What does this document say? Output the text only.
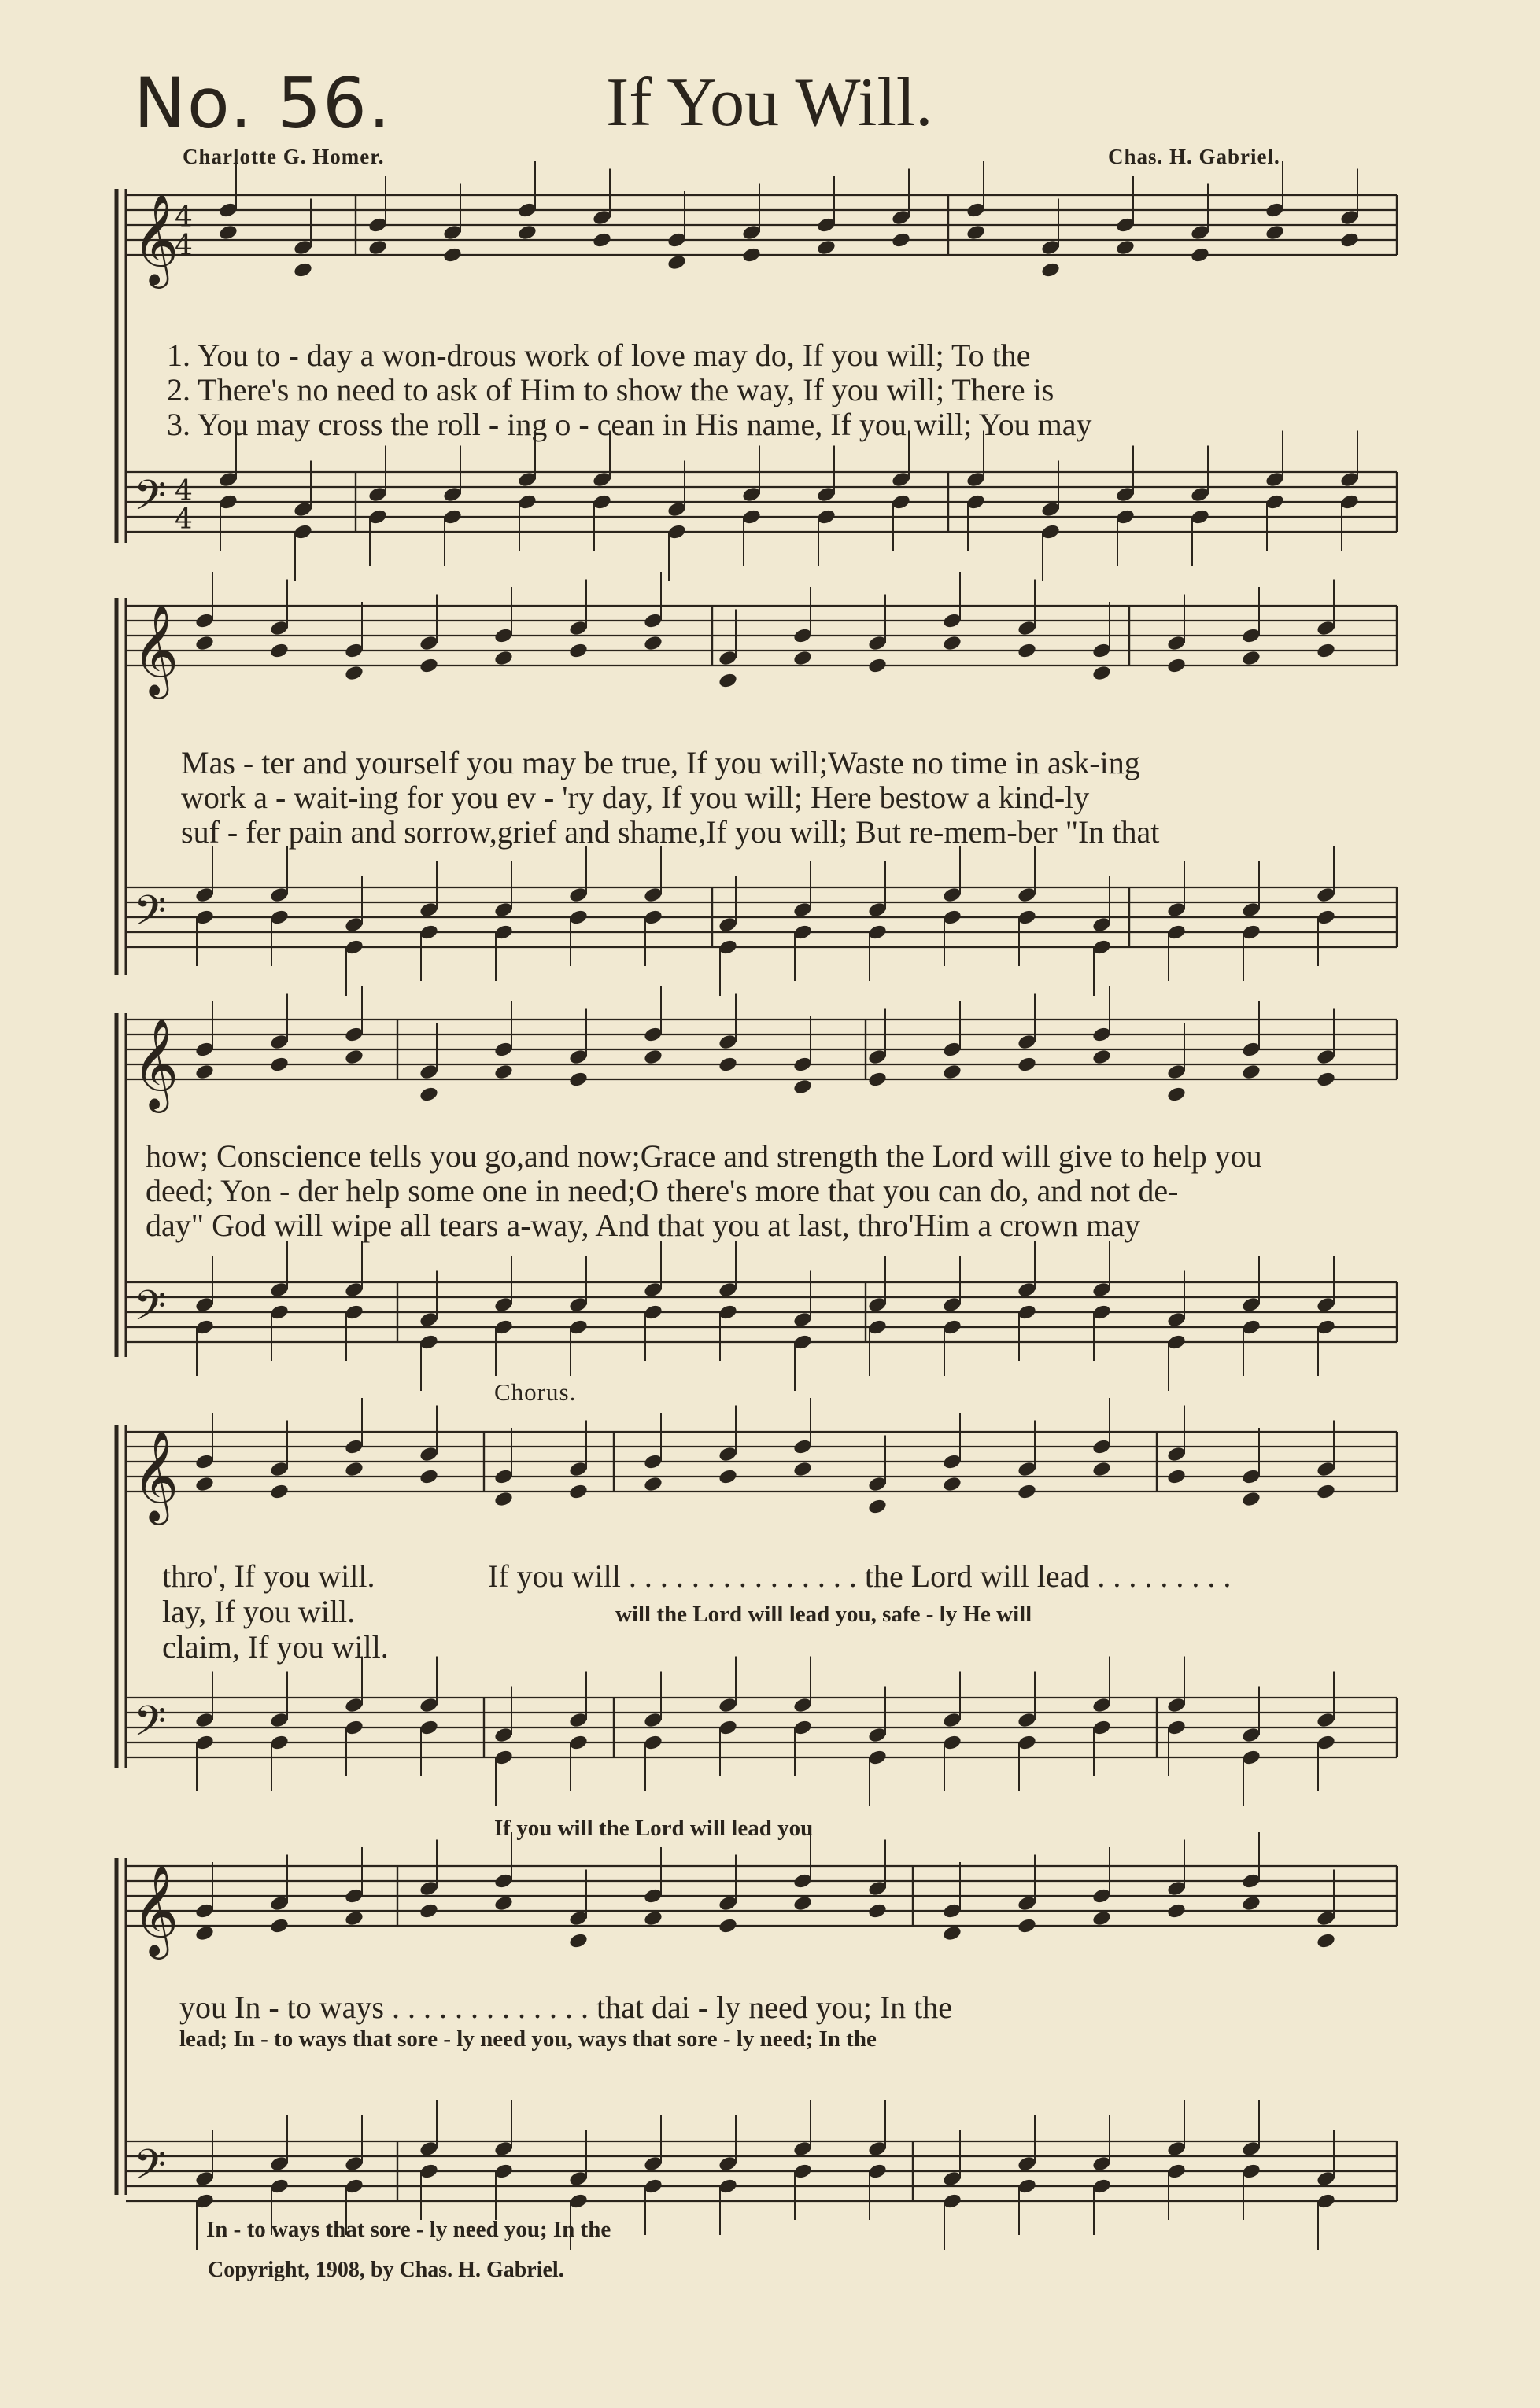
No. 56.	If You Will.
Charlotte G. Homer.	Chas. H. Gabriel.
𝄞
𝄢
4
4
4
4
𝄞
𝄢
𝄞
𝄢
𝄞
𝄢
𝄞
𝄢
1. You to - day a won-drous work of love may do, If you will; To the
2. There's no need to ask of Him to show the way, If you will; There is
3. You may cross the roll - ing o - cean in His name, If you will; You may
Mas - ter and yourself you may be true, If you will;Waste no time in ask-ing
work a - wait-ing for you ev - 'ry day, If you will; Here bestow a kind-ly
suf - fer pain and sorrow,grief and shame,If you will; But re-mem-ber "In that
how; Conscience tells you go,and now;Grace and strength the Lord will give to help you
deed; Yon - der help some one in need;O there's more that you can do, and not de-
day" God will wipe all tears a-way, And that you at last, thro'Him a crown may
Chorus.
thro', If you will.
lay, If you will.
claim, If you will.
If you will . . . . . . . . . . . . . . . the Lord will lead . . . . . . . . .
will the Lord will lead you, safe - ly He will
If you will the Lord will lead you
you In - to ways . . . . . . . . . . . . . that dai - ly need you; In the
lead; In - to ways that sore - ly need you, ways that sore - ly need; In the
In - to ways that sore - ly need you; In the
Copyright, 1908, by Chas. H. Gabriel.
